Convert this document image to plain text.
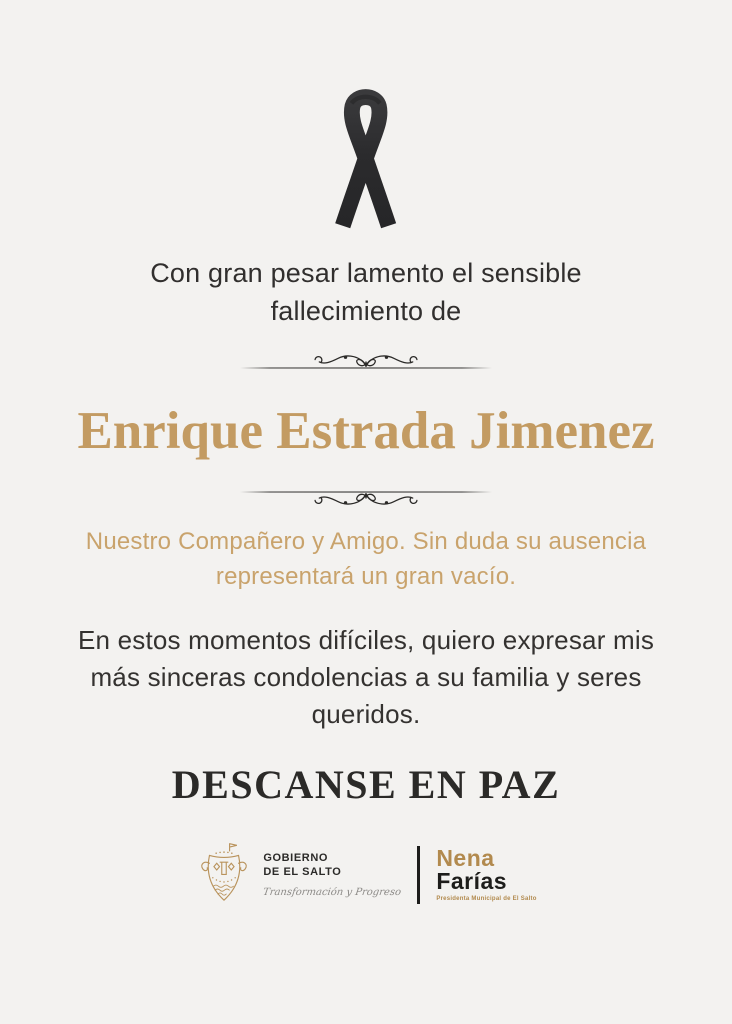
Con gran pesar lamento el sensible fallecimiento de

Enrique Estrada Jimenez

Nuestro Compañero y Amigo. Sin duda su ausencia representará un gran vacío.

En estos momentos difíciles, quiero expresar mis más sinceras condolencias a su familia y seres queridos.

DESCANSE EN PAZ
GOBIERNO
DE EL SALTO
Transformación y Progreso
Nena
Farías
Presidenta Municipal de El Salto
